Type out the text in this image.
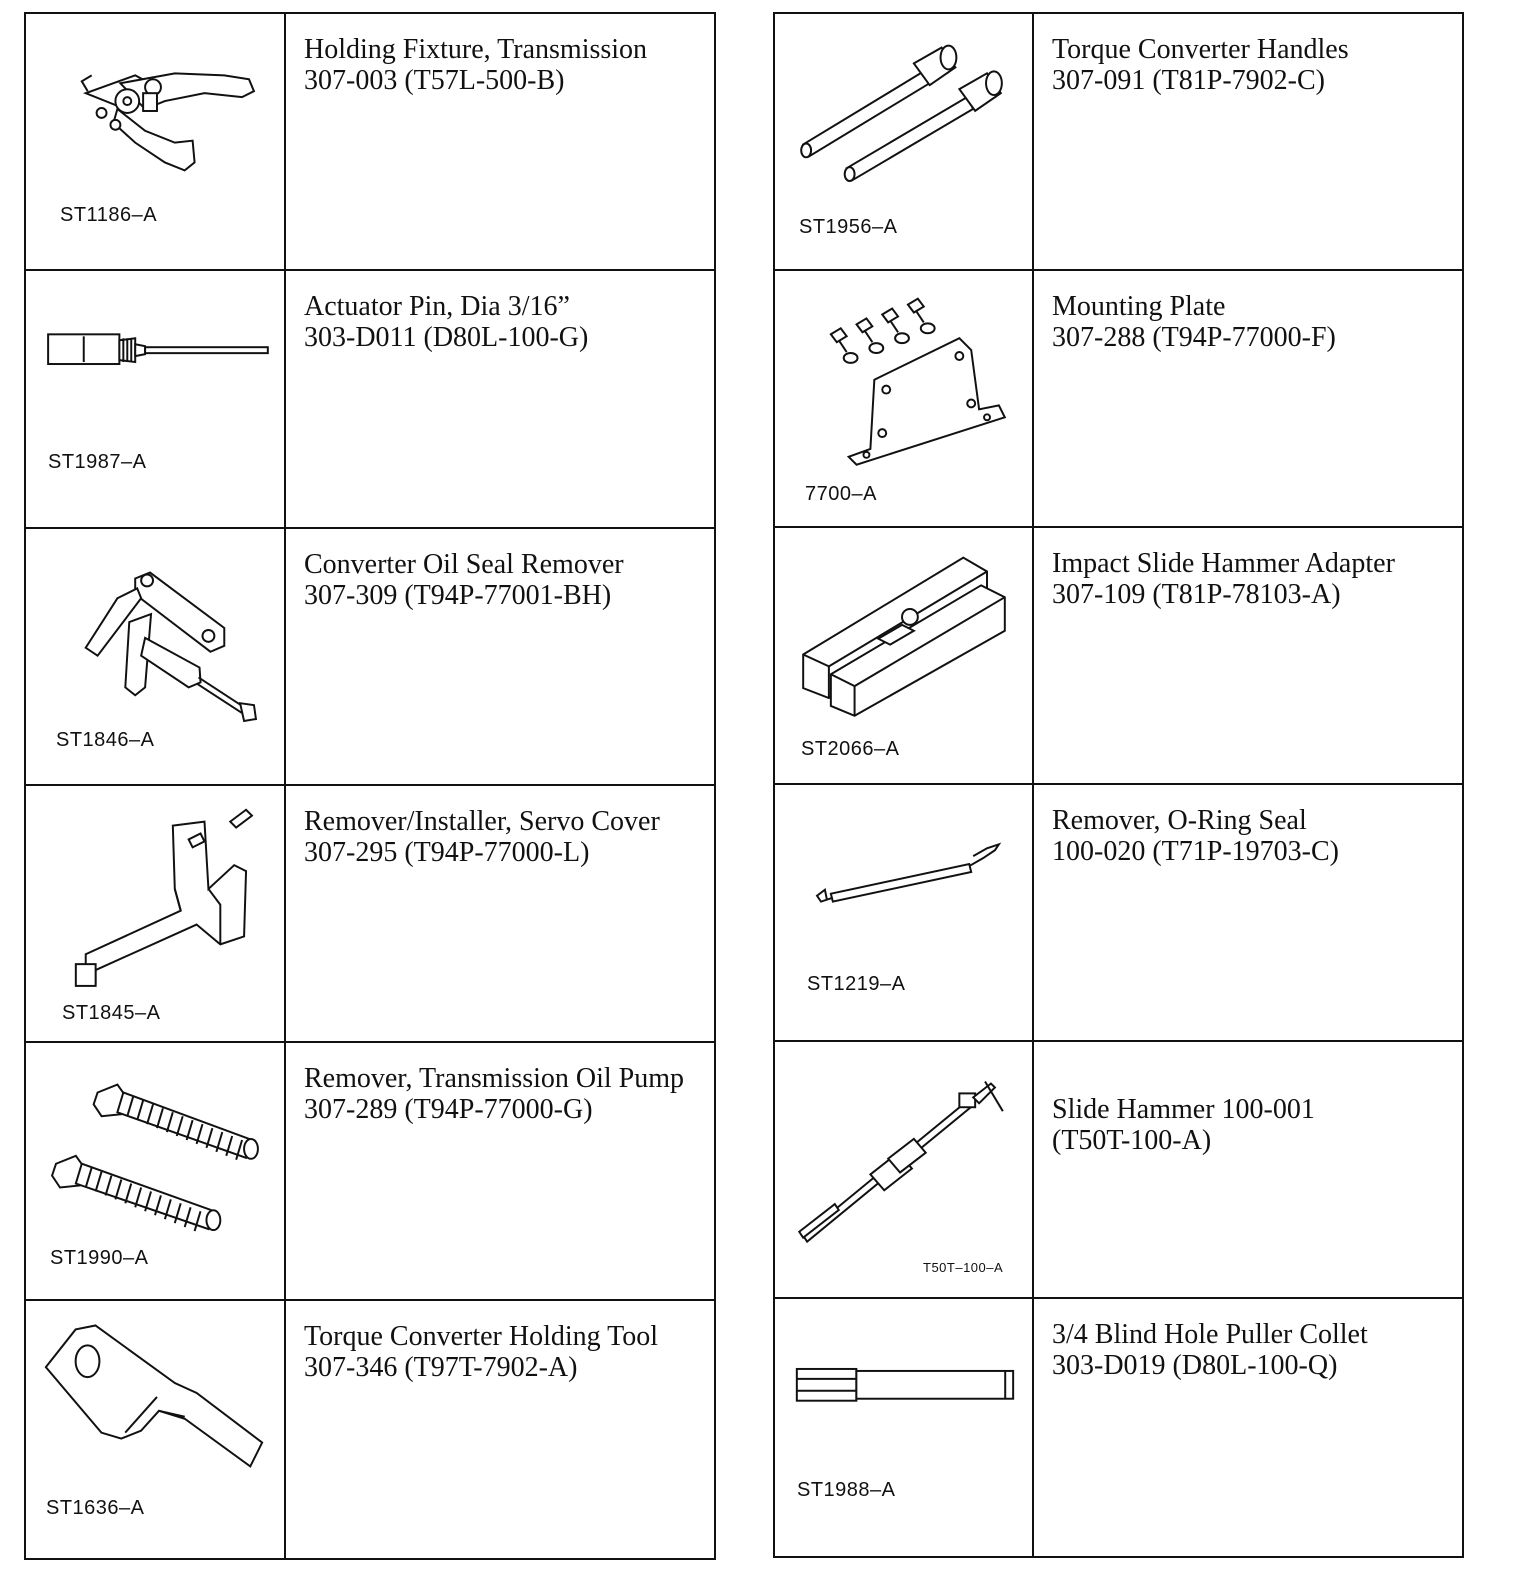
ST1186–A
Holding Fixture, Transmission
307-003 (T57L-500-B)
ST1987–A
Actuator Pin, Dia 3/16”
303-D011 (D80L-100-G)
ST1846–A
Converter Oil Seal Remover
307-309 (T94P-77001-BH)
ST1845–A
Remover/Installer, Servo Cover
307-295 (T94P-77000-L)
ST1990–A
Remover, Transmission Oil Pump
307-289 (T94P-77000-G)
ST1636–A
Torque Converter Holding Tool
307-346 (T97T-7902-A)
ST1956–A
Torque Converter Handles
307-091 (T81P-7902-C)
7700–A
Mounting Plate
307-288 (T94P-77000-F)
ST2066–A
Impact Slide Hammer Adapter
307-109 (T81P-78103-A)
ST1219–A
Remover, O-Ring Seal
100-020 (T71P-19703-C)
T50T–100–A
Slide Hammer 100-001
(T50T-100-A)
ST1988–A
3/4 Blind Hole Puller Collet
303-D019 (D80L-100-Q)
